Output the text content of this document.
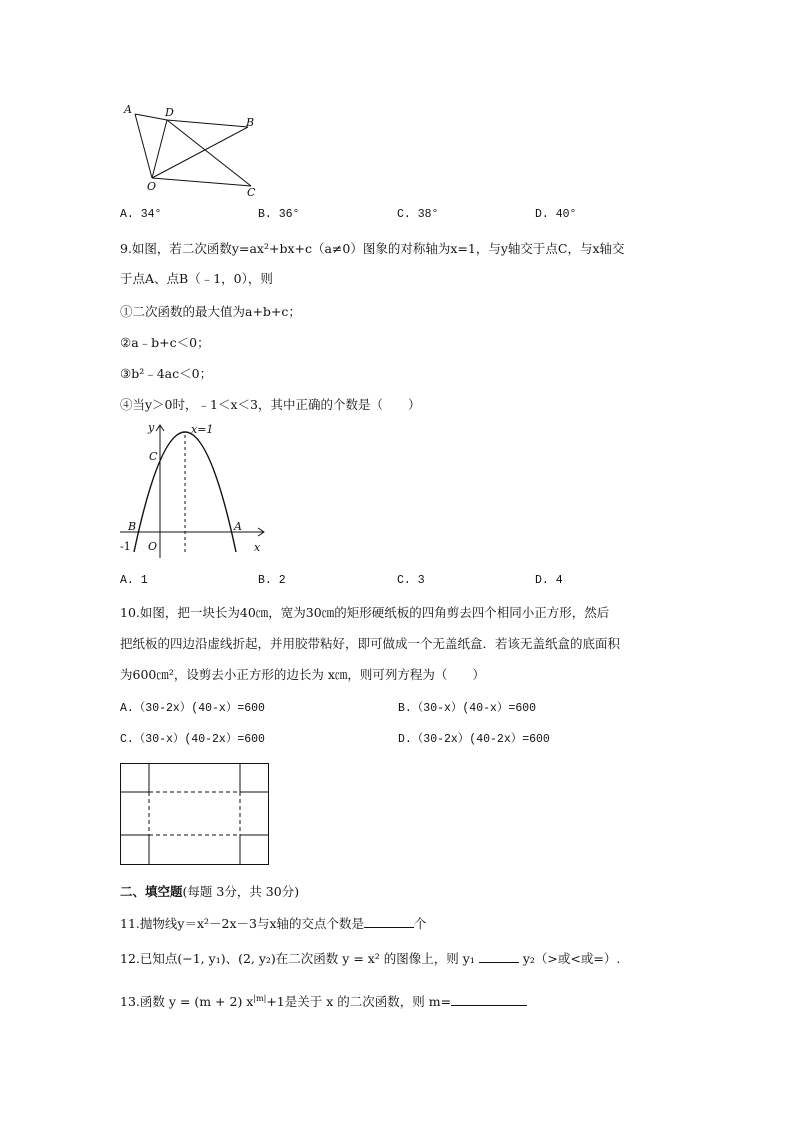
A	D
B
O	C
A. 34°	B. 36°	C. 38°	D. 40°
9.如图，若二次函数y=ax²+bx+c（a≠0）图象的对称轴为x=1，与y轴交于点C，与x轴交
于点A、点B（﹣1，0），则
①二次函数的最大值为a+b+c；
②a﹣b+c＜0；
③b²﹣4ac＜0；
④当y＞0时，﹣1＜x＜3，其中正确的个数是（　　）
y	x=1
C
B	A
-1 O	x
A. 1	B. 2	C. 3	D. 4
10.如图，把一块长为40㎝，宽为30㎝的矩形硬纸板的四角剪去四个相同小正方形，然后
把纸板的四边沿虚线折起，并用胶带粘好，即可做成一个无盖纸盒．若该无盖纸盒的底面积
为600㎝²，设剪去小正方形的边长为 x㎝，则可列方程为（　　）
A.（30-2x）(40-x）=600	B.（30-x）(40-x）=600
C.（30-x）(40-2x）=600	D.（30-2x）(40-2x）=600
二、填空题(每题 3分，共 30分)
11.抛物线y＝x²－2x－3与x轴的交点个数是	个
12.已知点(−1, y₁)、(2, y₂)在二次函数 y = x² 的图像上，则 y₁	y₂（>或<或=）.
13.函数 y = (m + 2) $x^{|m|}+1$是关于 x 的二次函数，则 m=
